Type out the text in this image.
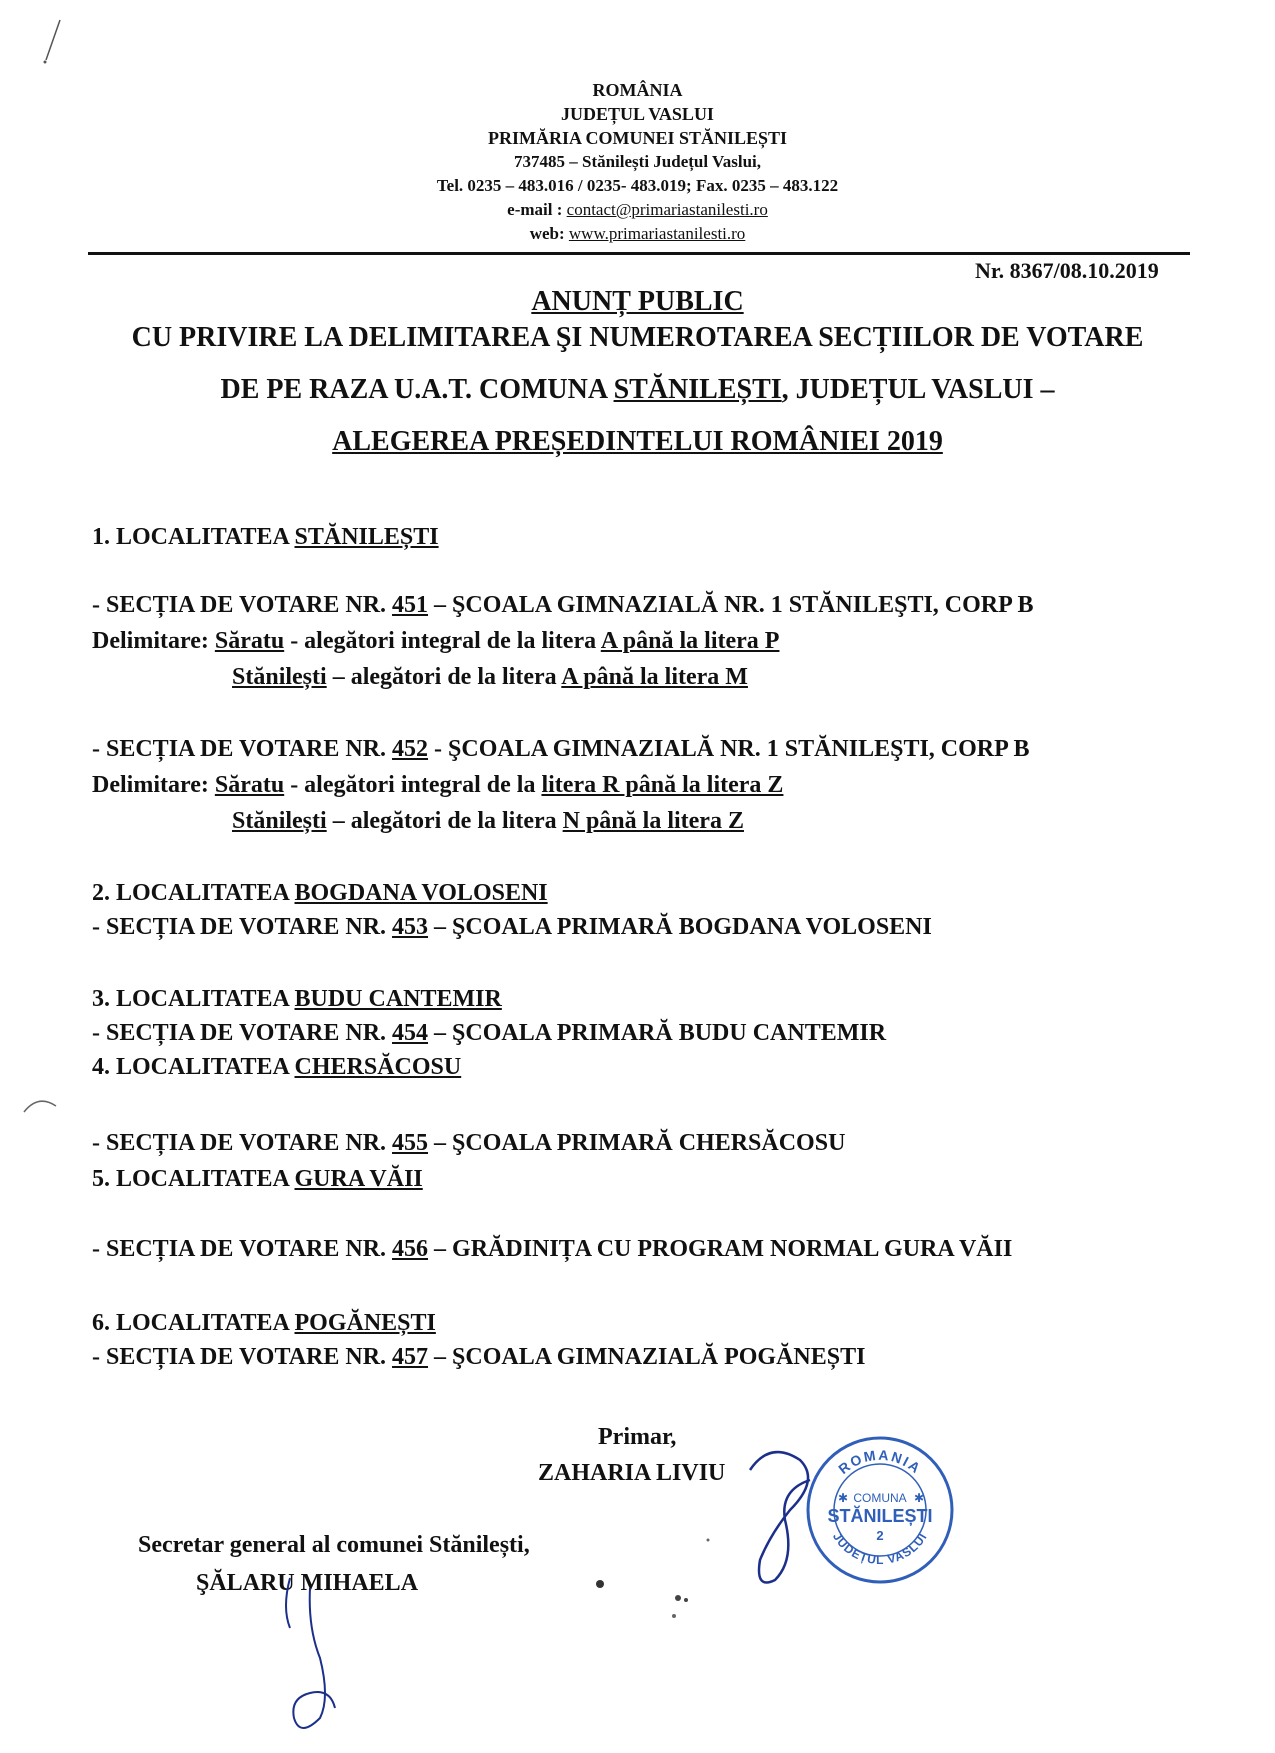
ROMÂNIA
JUDEȚUL VASLUI
PRIMĂRIA COMUNEI STĂNILEȘTI
737485 – Stănilești Județul Vaslui,
Tel. 0235 – 483.016 / 0235- 483.019; Fax. 0235 – 483.122
e-mail : contact@primariastanilesti.ro
web: www.primariastanilesti.ro
Nr. 8367/08.10.2019
ANUNȚ PUBLIC
CU PRIVIRE LA DELIMITAREA ŞI NUMEROTAREA SECȚIILOR DE VOTARE
DE PE RAZA U.A.T. COMUNA STĂNILEȘTI, JUDEȚUL VASLUI –
ALEGEREA PREȘEDINTELUI ROMÂNIEI 2019
1. LOCALITATEA STĂNILEȘTI
- SECȚIA DE VOTARE NR. 451 – ŞCOALA GIMNAZIALĂ NR. 1 STĂNILEŞTI, CORP B
Delimitare: Săratu - alegători integral de la litera A până la litera P
Stănilești – alegători de la litera A până la litera M
- SECȚIA DE VOTARE NR. 452 - ŞCOALA GIMNAZIALĂ NR. 1 STĂNILEŞTI, CORP B
Delimitare: Săratu - alegători integral de la litera R până la litera Z
Stănilești – alegători de la litera N până la litera Z
2. LOCALITATEA BOGDANA VOLOSENI
- SECȚIA DE VOTARE NR. 453 – ŞCOALA PRIMARĂ BOGDANA VOLOSENI
3. LOCALITATEA BUDU CANTEMIR
- SECȚIA DE VOTARE NR. 454 – ŞCOALA PRIMARĂ BUDU CANTEMIR
4. LOCALITATEA CHERSĂCOSU
- SECȚIA DE VOTARE NR. 455 – ŞCOALA PRIMARĂ CHERSĂCOSU
5. LOCALITATEA GURA VĂII
- SECȚIA DE VOTARE NR. 456 – GRĂDINIȚA CU PROGRAM NORMAL GURA VĂII
6. LOCALITATEA POGĂNEȘTI
- SECȚIA DE VOTARE NR. 457 – ŞCOALA GIMNAZIALĂ POGĂNEȘTI
Primar,
ZAHARIA LIVIU	ROMANIA
JUDEȚUL VASLUI
✱	✱
COMUNA
STĂNILEȘTI
2
Secretar general al comunei Stănilești,
ŞĂLARU MIHAELA
